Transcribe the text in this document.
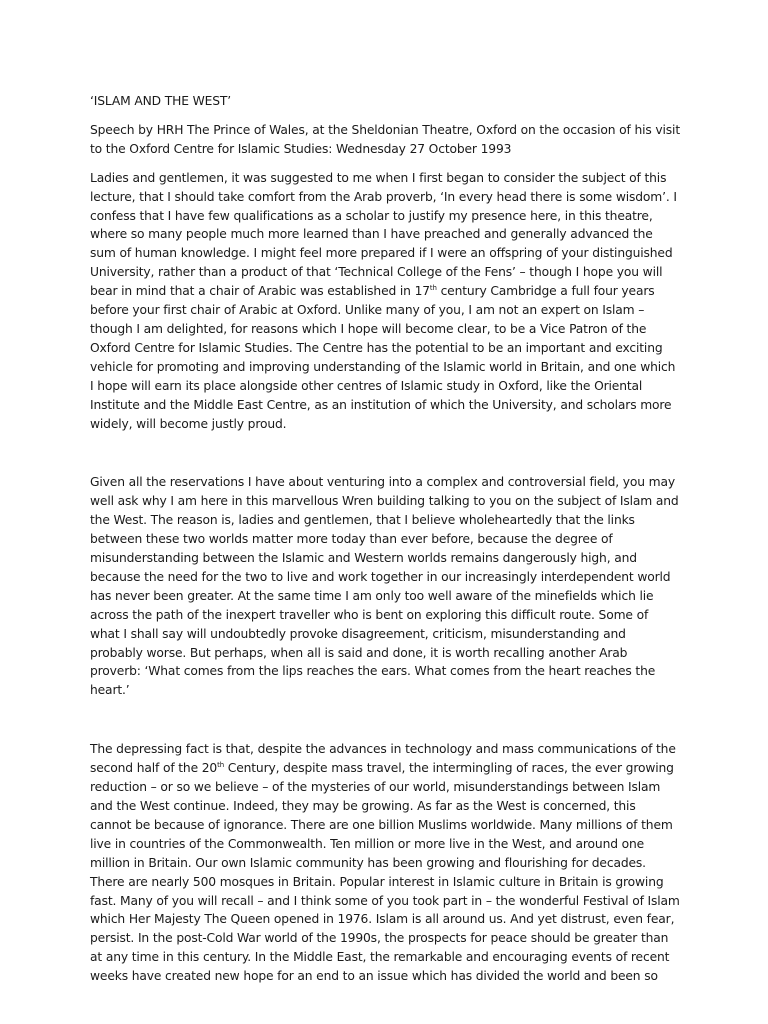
‘ISLAM AND THE WEST’

Speech by HRH The Prince of Wales, at the Sheldonian Theatre, Oxford on the occasion of his visit to the Oxford Centre for Islamic Studies: Wednesday 27 October 1993

Ladies and gentlemen, it was suggested to me when I first began to consider the subject of this lecture, that I should take comfort from the Arab proverb, ‘In every head there is some wisdom’. I confess that I have few qualifications as a scholar to justify my presence here, in this theatre, where so many people much more learned than I have preached and generally advanced the sum of human knowledge. I might feel more prepared if I were an offspring of your distinguished University, rather than a product of that ‘Technical College of the Fens’ – though I hope you will bear in mind that a chair of Arabic was established in 17th century Cambridge a full four years before your first chair of Arabic at Oxford. Unlike many of you, I am not an expert on Islam – though I am delighted, for reasons which I hope will become clear, to be a Vice Patron of the Oxford Centre for Islamic Studies. The Centre has the potential to be an important and exciting vehicle for promoting and improving understanding of the Islamic world in Britain, and one which I hope will earn its place alongside other centres of Islamic study in Oxford, like the Oriental Institute and the Middle East Centre, as an institution of which the University, and scholars more widely, will become justly proud.

Given all the reservations I have about venturing into a complex and controversial field, you may well ask why I am here in this marvellous Wren building talking to you on the subject of Islam and the West. The reason is, ladies and gentlemen, that I believe wholeheartedly that the links between these two worlds matter more today than ever before, because the degree of misunderstanding between the Islamic and Western worlds remains dangerously high, and because the need for the two to live and work together in our increasingly interdependent world has never been greater. At the same time I am only too well aware of the minefields which lie across the path of the inexpert traveller who is bent on exploring this difficult route. Some of what I shall say will undoubtedly provoke disagreement, criticism, misunderstanding and probably worse. But perhaps, when all is said and done, it is worth recalling another Arab proverb: ‘What comes from the lips reaches the ears. What comes from the heart reaches the heart.’

The depressing fact is that, despite the advances in technology and mass communications of the second half of the 20th Century, despite mass travel, the intermingling of races, the ever growing reduction – or so we believe – of the mysteries of our world, misunderstandings between Islam and the West continue. Indeed, they may be growing. As far as the West is concerned, this cannot be because of ignorance. There are one billion Muslims worldwide. Many millions of them live in countries of the Commonwealth. Ten million or more live in the West, and around one million in Britain. Our own Islamic community has been growing and flourishing for decades. There are nearly 500 mosques in Britain. Popular interest in Islamic culture in Britain is growing fast. Many of you will recall – and I think some of you took part in – the wonderful Festival of Islam which Her Majesty The Queen opened in 1976. Islam is all around us. And yet distrust, even fear, persist. In the post-Cold War world of the 1990s, the prospects for peace should be greater than at any time in this century. In the Middle East, the remarkable and encouraging events of recent weeks have created new hope for an end to an issue which has divided the world and been so
